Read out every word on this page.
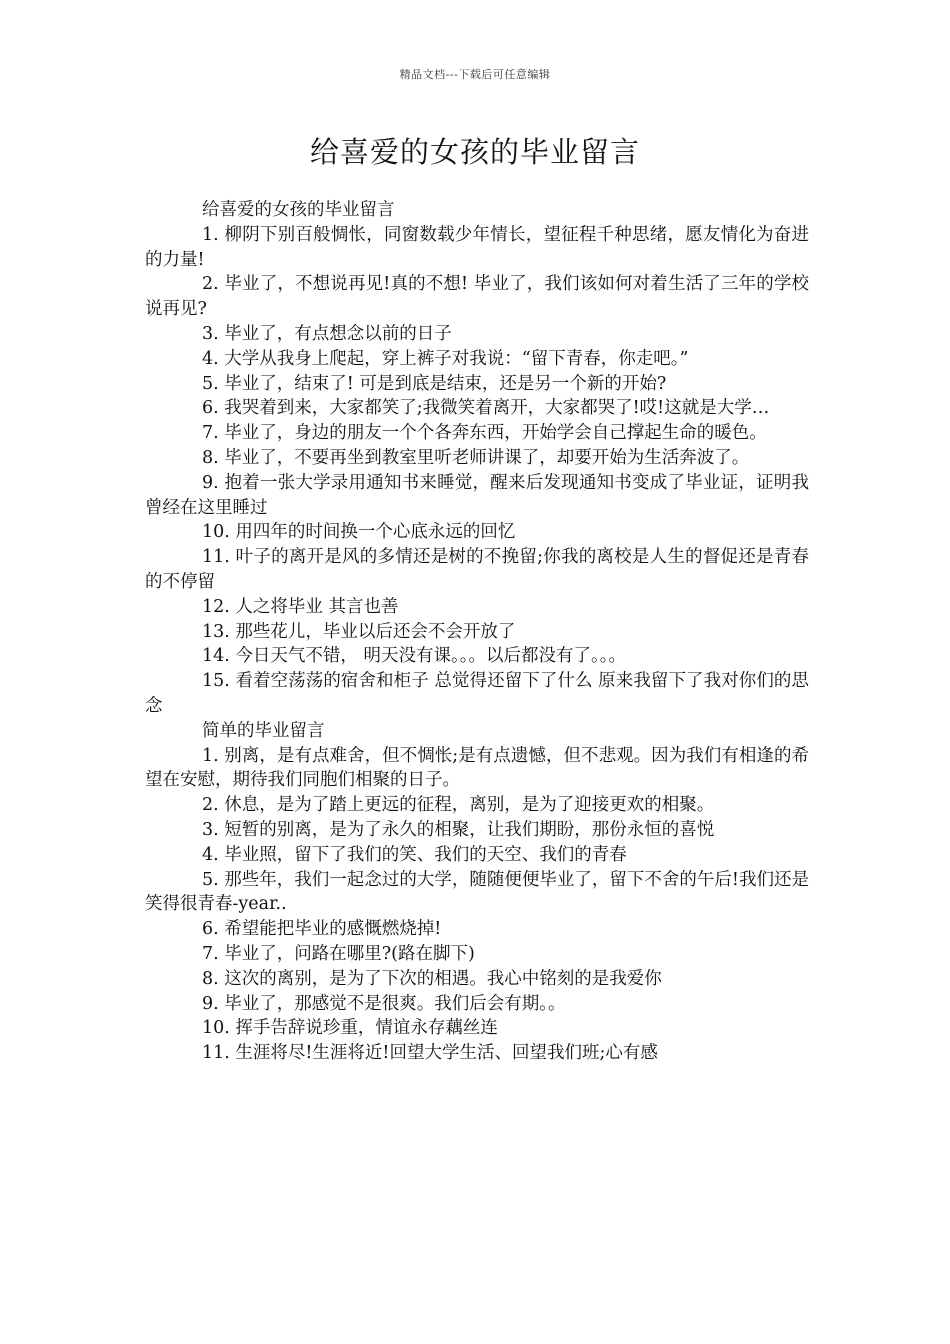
精品文档---下载后可任意编辑
给喜爱的女孩的毕业留言

给喜爱的女孩的毕业留言

1. 柳阴下别百般惆怅，同窗数载少年情长，望征程千种思绪，愿友情化为奋进的力量!

2. 毕业了，不想说再见!真的不想! 毕业了，我们该如何对着生活了三年的学校说再见?

3. 毕业了，有点想念以前的日子

4. 大学从我身上爬起，穿上裤子对我说：“留下青春，你走吧。”

5. 毕业了，结束了! 可是到底是结束，还是另一个新的开始?

6. 我哭着到来，大家都笑了;我微笑着离开，大家都哭了!哎!这就是大学…

7. 毕业了，身边的朋友一个个各奔东西，开始学会自己撑起生命的暖色。

8. 毕业了，不要再坐到教室里听老师讲课了，却要开始为生活奔波了。

9. 抱着一张大学录用通知书来睡觉，醒来后发现通知书变成了毕业证，证明我曾经在这里睡过

10. 用四年的时间换一个心底永远的回忆

11. 叶子的离开是风的多情还是树的不挽留;你我的离校是人生的督促还是青春的不停留

12. 人之将毕业 其言也善

13. 那些花儿，毕业以后还会不会开放了

14. 今日天气不错， 明天没有课。。。以后都没有了。。。

15. 看着空荡荡的宿舍和柜子 总觉得还留下了什么 原来我留下了我对你们的思念

简单的毕业留言

1. 别离，是有点难舍，但不惆怅;是有点遗憾，但不悲观。因为我们有相逢的希望在安慰，期待我们同胞们相聚的日子。

2. 休息，是为了踏上更远的征程，离别，是为了迎接更欢的相聚。

3. 短暂的别离，是为了永久的相聚，让我们期盼，那份永恒的喜悦

4. 毕业照，留下了我们的笑、我们的天空、我们的青春

5. 那些年，我们一起念过的大学，随随便便毕业了，留下不舍的午后!我们还是笑得很青春-year..

6. 希望能把毕业的感慨燃烧掉!

7. 毕业了，问路在哪里?(路在脚下)

8. 这次的离别，是为了下次的相遇。我心中铭刻的是我爱你

9. 毕业了，那感觉不是很爽。我们后会有期。。

10. 挥手告辞说珍重，情谊永存藕丝连

11. 生涯将尽!生涯将近!回望大学生活、回望我们班;心有感
